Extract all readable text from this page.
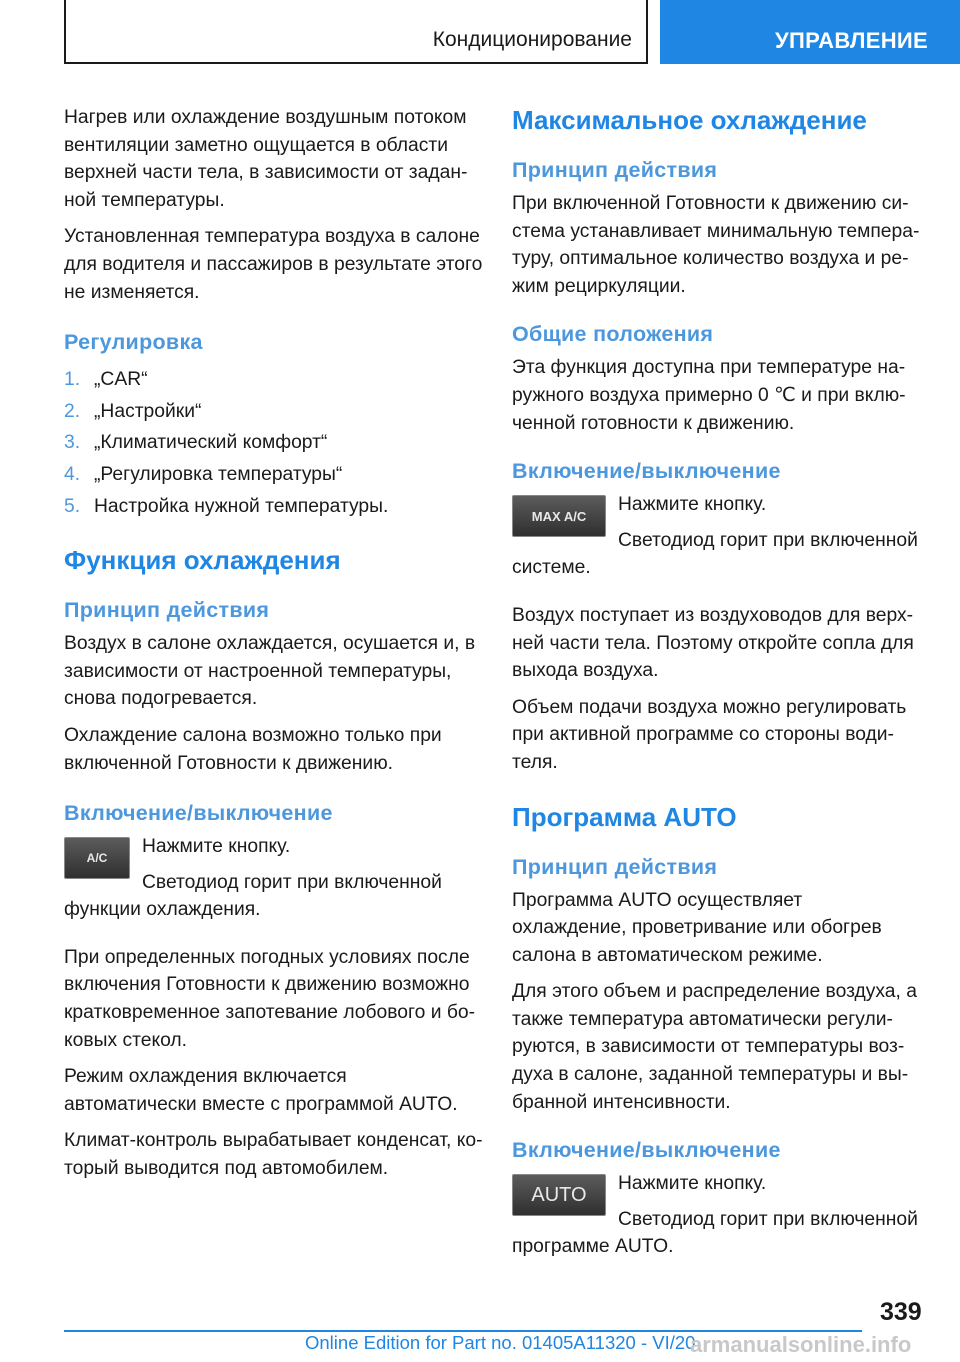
Кондиционирование	УПРАВЛЕНИЕ

Нагрев или охлаждение воздушным потоком вентиляции заметно ощущается в области верхней части тела, в зависимости от заданной температуры.

Установленная температура воздуха в салоне для водителя и пассажиров в результате этого не изменяется.

Регулировка
1. „CAR“
2. „Настройки“
3. „Климатический комфорт“
4. „Регулировка температуры“
5. Настройка нужной температуры.
Функция охлаждения
Принцип действия

Воздух в салоне охлаждается, осушается и, в зависимости от настроенной температуры, снова подогревается.

Охлаждение салона возможно только при включенной Готовности к движению.

Включение/выключение
A/C

Нажмите кнопку.

Светодиод горит при включенной функции охлаждения.

При определенных погодных условиях после включения Готовности к движению возможно кратковременное запотевание лобового и боковых стекол.

Режим охлаждения включается автоматически вместе с программой AUTO.

Климат-контроль вырабатывает конденсат, который выводится под автомобилем.

Максимальное охлаждение
Принцип действия

При включенной Готовности к движению система устанавливает минимальную температуру, оптимальное количество воздуха и режим рециркуляции.

Общие положения

Эта функция доступна при температуре наружного воздуха примерно 0 ℃ и при включенной готовности к движению.

Включение/выключение
MAX A/C

Нажмите кнопку.

Светодиод горит при включенной системе.

Воздух поступает из воздуховодов для верхней части тела. Поэтому откройте сопла для выхода воздуха.

Объем подачи воздуха можно регулировать при активной программе со стороны водителя.

Программа AUTO
Принцип действия

Программа AUTO осуществляет охлаждение, проветривание или обогрев салона в автоматическом режиме.

Для этого объем и распределение воздуха, а также температура автоматически регулируются, в зависимости от температуры воздуха в салоне, заданной температуры и выбранной интенсивности.

Включение/выключение
AUTO	Нажмите кнопку.

Светодиод горит при включенной программе AUTO.

339
Online Edition for Part no. 01405A11320 - VI/20
armanualsonline.info
